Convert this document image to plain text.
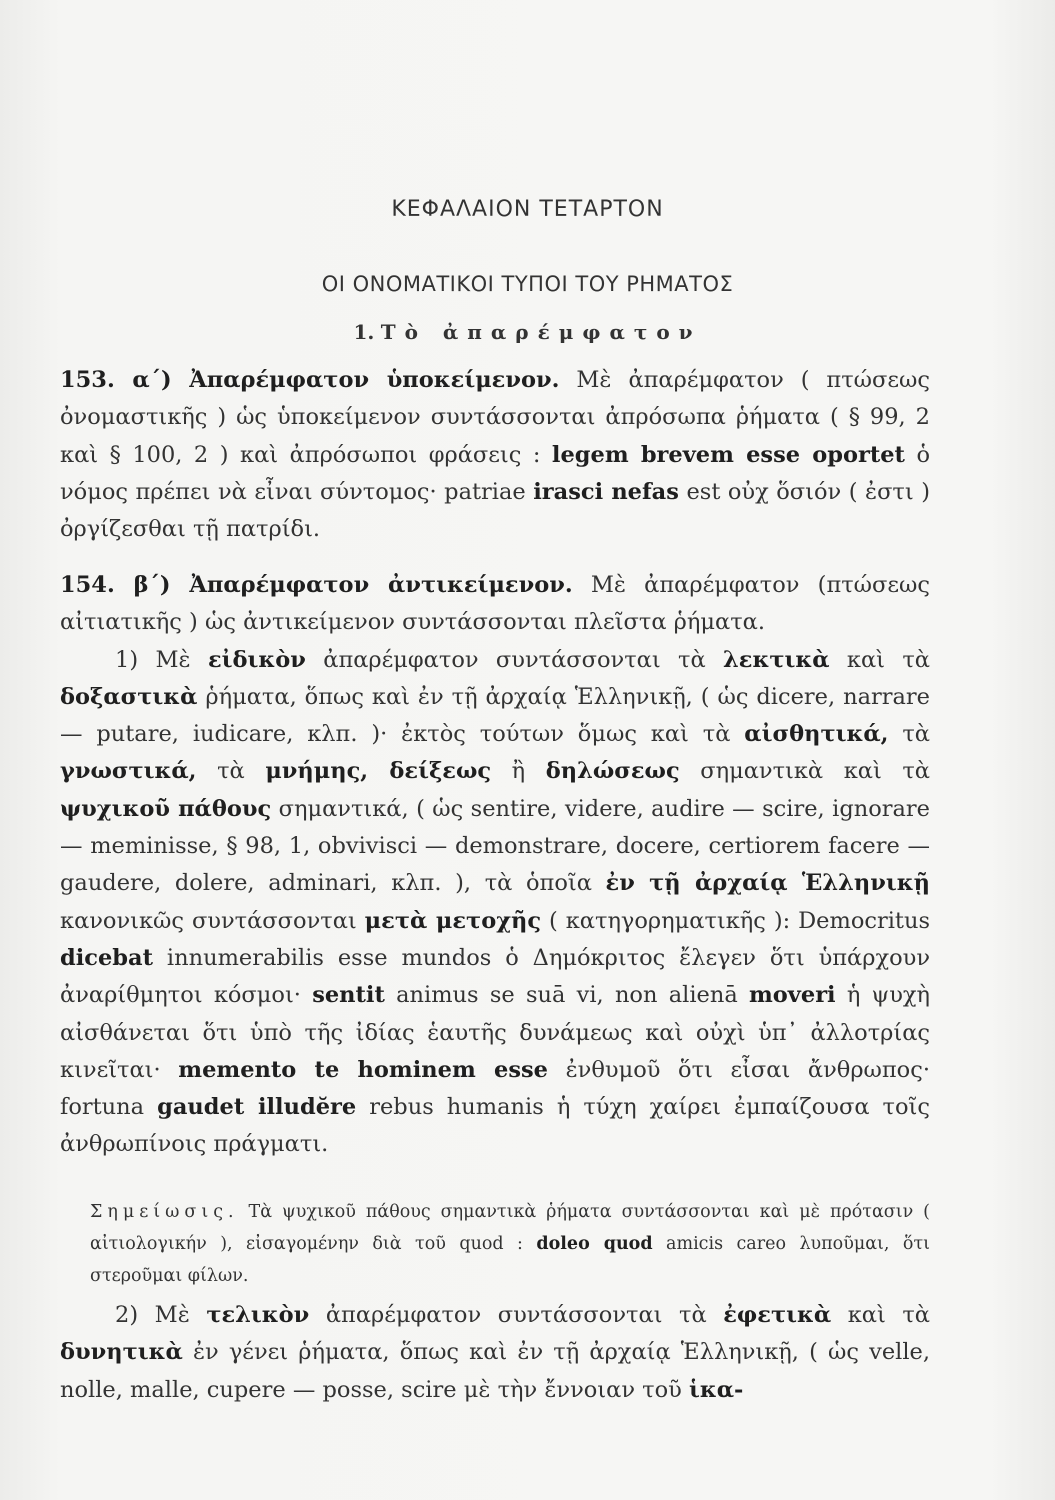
ΚΕΦΑΛΑΙΟΝ ΤΕΤΑΡΤΟΝ
ΟΙ ΟΝΟΜΑΤΙΚΟΙ ΤΥΠΟΙ ΤΟΥ ΡΗΜΑΤΟΣ
1. Τὸ ἀπαρέμφατον
153. α΄) Ἀπαρέμφατον ὑποκείμενον. Μὲ ἀπαρέμφατον ( πτώσεως ὀνομαστικῆς ) ὡς ὑποκείμενον συντάσσονται ἀπρόσωπα ῥήματα ( § 99, 2 καὶ § 100, 2 ) καὶ ἀπρόσωποι φράσεις : legem brevem esse oportet ὁ νόμος πρέπει νὰ εἶναι σύντομος· patriae irasci nefas est οὐχ ὅσιόν ( ἐστι ) ὀργίζεσθαι τῇ πατρίδι.
154. β΄) Ἀπαρέμφατον ἀντικείμενον. Μὲ ἀπαρέμφατον (πτώσεως αἰτιατικῆς ) ὡς ἀντικείμενον συντάσσονται πλεῖστα ῥήματα.
1) Μὲ εἰδικὸν ἀπαρέμφατον συντάσσονται τὰ λεκτικὰ καὶ τὰ δοξαστικὰ ῥήματα, ὅπως καὶ ἐν τῇ ἀρχαίᾳ Ἑλληνικῇ, ( ὡς dicere, narrare — putare, iudicare, κλπ. )· ἐκτὸς τούτων ὅμως καὶ τὰ αἰσθητικά, τὰ γνωστικά, τὰ μνήμης, δείξεως ἢ δηλώσεως σημαντικὰ καὶ τὰ ψυχικοῦ πάθους σημαντικά, ( ὡς sentire, videre, audire — scire, ignorare — meminisse, § 98, 1, obvivisci — demonstrare, docere, certiorem facere — gaudere, dolere, adminari, κλπ. ), τὰ ὁποῖα ἐν τῇ ἀρχαίᾳ Ἑλληνικῇ κανονικῶς συντάσσονται μετὰ μετοχῆς ( κατηγορηματικῆς ): Democritus dicebat innumerabilis esse mundos ὁ Δημόκριτος ἔλεγεν ὅτι ὑπάρχουν ἀναρίθμητοι κόσμοι· sentit animus se suā vi, non alienā moveri ἡ ψυχὴ αἰσθάνεται ὅτι ὑπὸ τῆς ἰδίας ἑαυτῆς δυνάμεως καὶ οὐχὶ ὑπ᾽ ἀλλοτρίας κινεῖται· memento te hominem esse ἐνθυμοῦ ὅτι εἶσαι ἄνθρωπος· fortuna gaudet illudĕre rebus humanis ἡ τύχη χαίρει ἐμπαίζουσα τοῖς ἀνθρωπίνοις πράγματι.
Σημείωσις. Τὰ ψυχικοῦ πάθους σημαντικὰ ῥήματα συντάσσονται καὶ μὲ πρότασιν ( αἰτιολογικήν ), εἰσαγομένην διὰ τοῦ quod : doleo quod amicis careo λυποῦμαι, ὅτι στεροῦμαι φίλων.
2) Μὲ τελικὸν ἀπαρέμφατον συντάσσονται τὰ ἐφετικὰ καὶ τὰ δυνητικὰ ἐν γένει ῥήματα, ὅπως καὶ ἐν τῇ ἀρχαίᾳ Ἑλληνικῇ, ( ὡς velle, nolle, malle, cupere — posse, scire μὲ τὴν ἔννοιαν τοῦ ἱκα-
